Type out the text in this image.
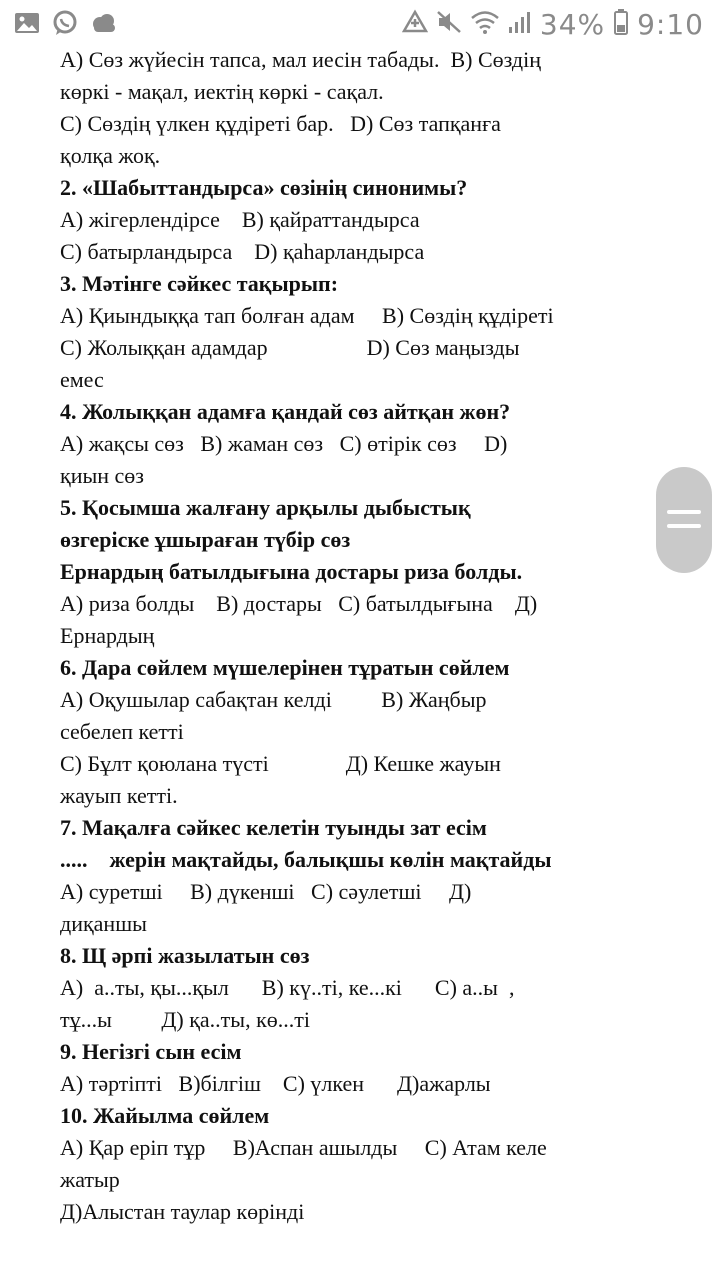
34% 9:10
А) Сөз жүйесін тапса, мал иесін табады.  В) Сөздің
көркі - мақал, иектің көркі - сақал.
С) Сөздің үлкен құдіреті бар.   D) Сөз тапқанға
қолқа жоқ.
2. «Шабыттандырса» сөзінің синонимы?
А) жігерлендірсе    В) қайраттандырса
С) батырландырса    D) қаһарландырса
3. Мәтінге сәйкес тақырып:
А) Қиындыққа тап болған адам     В) Сөздің құдіреті
С) Жолыққан адамдар                  D) Сөз маңызды
емес
4. Жолыққан адамға қандай сөз айтқан жөн?
А) жақсы сөз   В) жаман сөз   С) өтірік сөз     D)
қиын сөз
5. Қосымша жалғану арқылы дыбыстық
өзгеріске ұшыраған түбір сөз
Ернардың батылдығына достары риза болды.
А) риза болды    В) достары   С) батылдығына    Д)
Ернардың
6. Дара сөйлем мүшелерінен тұратын сөйлем
А) Оқушылар сабақтан келді         В) Жаңбыр
себелеп кетті
С) Бұлт қоюлана түсті              Д) Кешке жауын
жауып кетті.
7. Мақалға сәйкес келетін туынды зат есім
.....    жерін мақтайды, балықшы көлін мақтайды
А) суретші     В) дүкенші   С) сәулетші     Д)
диқаншы
8. Щ әрпі жазылатын сөз
А)  а..ты, қы...қыл      В) кү..ті, ке...кі      С) а..ы  ,
тұ...ы         Д) қа..ты, кө...ті
9. Негізгі сын есім
А) тәртіпті   В)білгіш    С) үлкен      Д)ажарлы
10. Жайылма сөйлем
А) Қар еріп тұр     В)Аспан ашылды     С) Атам келе
жатыр
Д)Алыстан таулар көрінді
